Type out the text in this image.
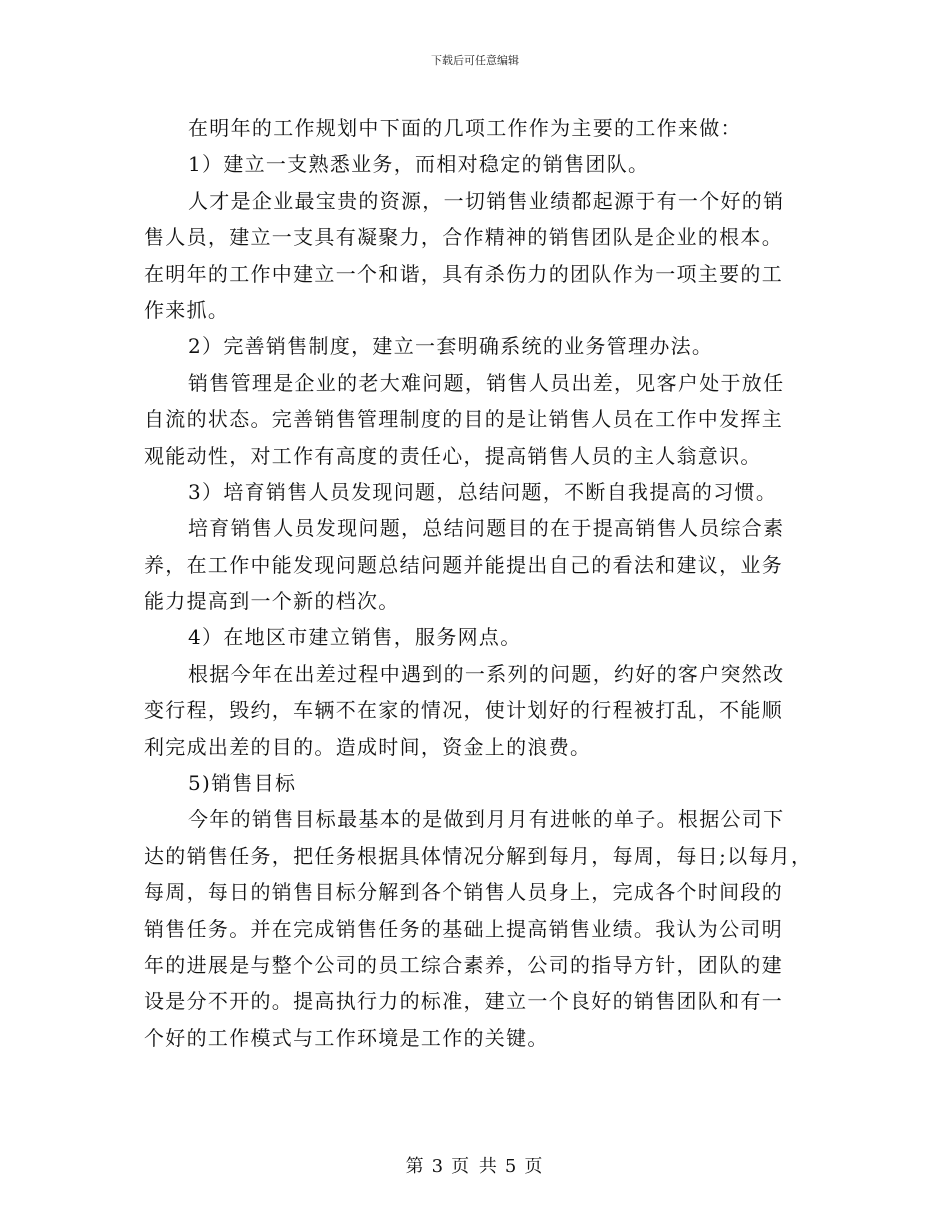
下载后可任意编辑
在明年的工作规划中下面的几项工作作为主要的工作来做：
1）建立一支熟悉业务，而相对稳定的销售团队。
人才是企业最宝贵的资源，一切销售业绩都起源于有一个好的销
售人员，建立一支具有凝聚力，合作精神的销售团队是企业的根本。
在明年的工作中建立一个和谐，具有杀伤力的团队作为一项主要的工
作来抓。
2）完善销售制度，建立一套明确系统的业务管理办法。
销售管理是企业的老大难问题，销售人员出差，见客户处于放任
自流的状态。完善销售管理制度的目的是让销售人员在工作中发挥主
观能动性，对工作有高度的责任心，提高销售人员的主人翁意识。
3）培育销售人员发现问题，总结问题，不断自我提高的习惯。
培育销售人员发现问题，总结问题目的在于提高销售人员综合素
养，在工作中能发现问题总结问题并能提出自己的看法和建议，业务
能力提高到一个新的档次。
4）在地区市建立销售，服务网点。
根据今年在出差过程中遇到的一系列的问题，约好的客户突然改
变行程，毁约，车辆不在家的情况，使计划好的行程被打乱，不能顺
利完成出差的目的。造成时间，资金上的浪费。
5)销售目标
今年的销售目标最基本的是做到月月有进帐的单子。根据公司下
达的销售任务，把任务根据具体情况分解到每月，每周，每日;以每月，
每周，每日的销售目标分解到各个销售人员身上，完成各个时间段的
销售任务。并在完成销售任务的基础上提高销售业绩。我认为公司明
年的进展是与整个公司的员工综合素养，公司的指导方针，团队的建
设是分不开的。提高执行力的标准，建立一个良好的销售团队和有一
个好的工作模式与工作环境是工作的关键。
第 3 页 共 5 页
